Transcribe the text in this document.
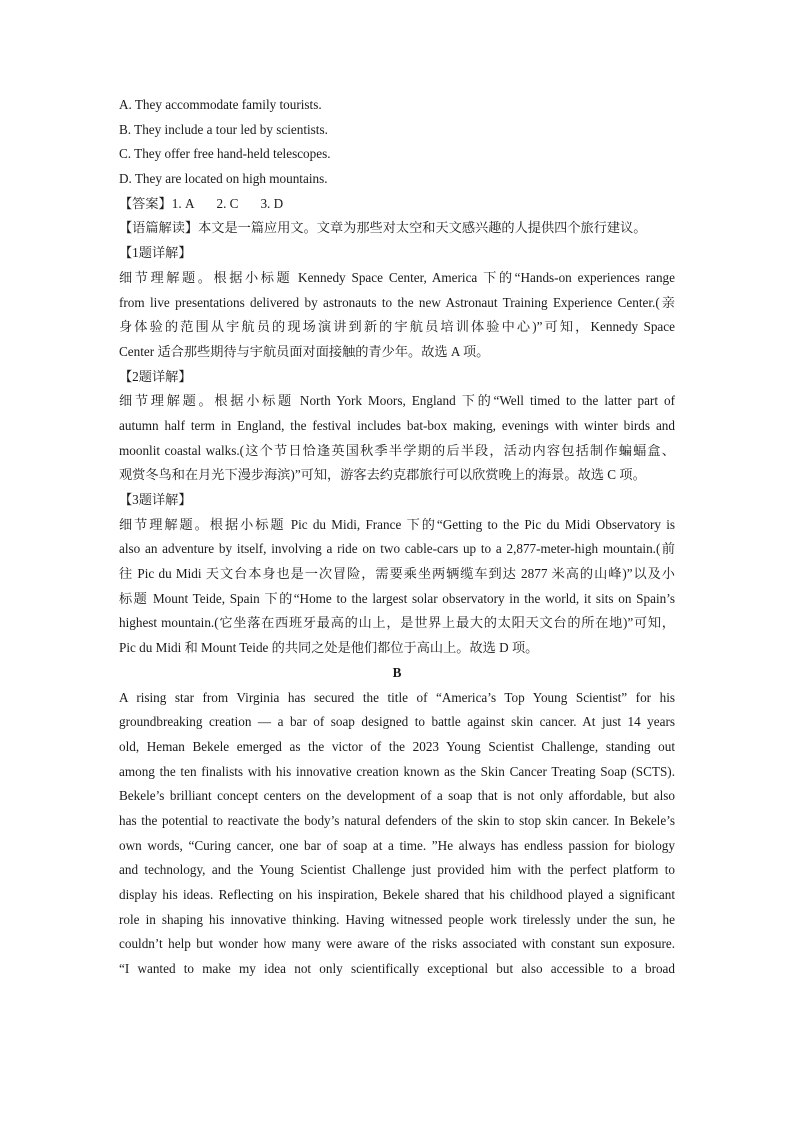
A. They accommodate family tourists.
B. They include a tour led by scientists.
C. They offer free hand-held telescopes.
D. They are located on high mountains.
【答案】1. A 2. C 3. D
【语篇解读】本文是一篇应用文。文章为那些对太空和天文感兴趣的人提供四个旅行建议。
【1题详解】
细节理解题。根据小标题 Kennedy Space Center, America 下的“Hands-on experiences range
from live presentations delivered by astronauts to the new Astronaut Training Experience Center.(亲
身体验的范围从宇航员的现场演讲到新的宇航员培训体验中心)”可知，Kennedy Space
Center 适合那些期待与宇航员面对面接触的青少年。故选 A 项。
【2题详解】
细节理解题。根据小标题 North York Moors, England 下的“Well timed to the latter part of
autumn half term in England, the festival includes bat-box making, evenings with winter birds and
moonlit coastal walks.(这个节日恰逢英国秋季半学期的后半段，活动内容包括制作蝙蝠盒、
观赏冬鸟和在月光下漫步海滨)”可知，游客去约克郡旅行可以欣赏晚上的海景。故选 C 项。
【3题详解】
细节理解题。根据小标题 Pic du Midi, France 下的“Getting to the Pic du Midi Observatory is
also an adventure by itself, involving a ride on two cable-cars up to a 2,877-meter-high mountain.(前
往 Pic du Midi 天文台本身也是一次冒险，需要乘坐两辆缆车到达 2877 米高的山峰)”以及小
标题 Mount Teide, Spain 下的“Home to the largest solar observatory in the world, it sits on Spain’s
highest mountain.(它坐落在西班牙最高的山上，是世界上最大的太阳天文台的所在地)”可知，
Pic du Midi 和 Mount Teide 的共同之处是他们都位于高山上。故选 D 项。
B
A rising star from Virginia has secured the title of “America’s Top Young Scientist” for his
groundbreaking creation — a bar of soap designed to battle against skin cancer. At just 14 years
old, Heman Bekele emerged as the victor of the 2023 Young Scientist Challenge, standing out
among the ten finalists with his innovative creation known as the Skin Cancer Treating Soap (SCTS).
Bekele’s brilliant concept centers on the development of a soap that is not only affordable, but also
has the potential to reactivate the body’s natural defenders of the skin to stop skin cancer. In Bekele’s
own words, “Curing cancer, one bar of soap at a time. ”He always has endless passion for biology
and technology, and the Young Scientist Challenge just provided him with the perfect platform to
display his ideas. Reflecting on his inspiration, Bekele shared that his childhood played a significant
role in shaping his innovative thinking. Having witnessed people work tirelessly under the sun, he
couldn’t help but wonder how many were aware of the risks associated with constant sun exposure.
“I wanted to make my idea not only scientifically exceptional but also accessible to a broad
